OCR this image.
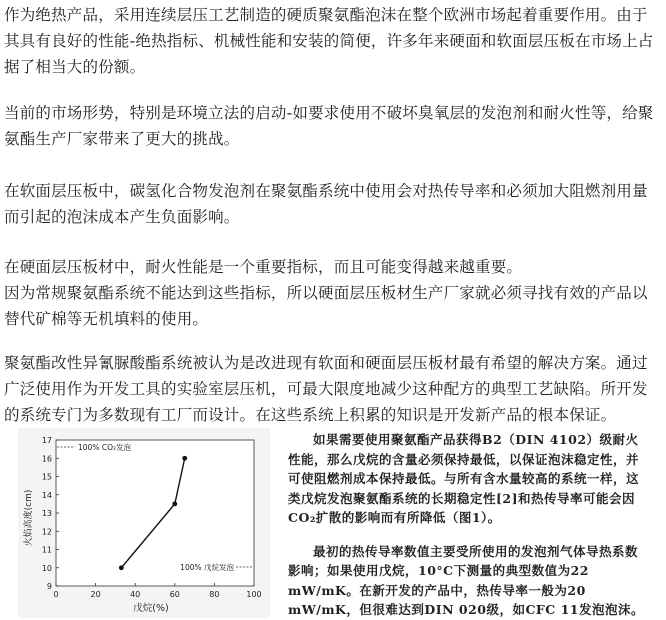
作为绝热产品，采用连续层压工艺制造的硬质聚氨酯泡沫在整个欧洲市场起着重要作用。由于其具有良好的性能-绝热指标、机械性能和安装的简便，许多年来硬面和软面层压板在市场上占据了相当大的份额。

当前的市场形势，特别是环境立法的启动-如要求使用不破坏臭氧层的发泡剂和耐火性等，给聚氨酯生产厂家带来了更大的挑战。

在软面层压板中，碳氢化合物发泡剂在聚氨酯系统中使用会对热传导率和必须加大阻燃剂用量而引起的泡沫成本产生负面影响。

在硬面层压板材中，耐火性能是一个重要指标，而且可能变得越来越重要。

因为常规聚氨酯系统不能达到这些指标，所以硬面层压板材生产厂家就必须寻找有效的产品以替代矿棉等无机填料的使用。

聚氨酯改性异氰脲酸酯系统被认为是改进现有软面和硬面层压板材最有希望的解决方案。通过广泛使用作为开发工具的实验室层压机，可最大限度地减少这种配方的典型工艺缺陷。所开发的系统专门为多数现有工厂而设计。在这些系统上积累的知识是开发新产品的根本保证。

9
10
11
12
13
14
15
16
17
0	20	40	60	80	100
100% CO₂发泡
100% 戊烷发泡
火焰高度(cm)
戊烷(%)

如果需要使用聚氨酯产品获得B2（DIN 4102）级耐火性能，那么戊烷的含量必须保持最低，以保证泡沫稳定性，并可使阻燃剂成本保持最低。与所有含水量较高的系统一样，这类戊烷发泡聚氨酯系统的长期稳定性[2]和热传导率可能会因CO₂扩散的影响而有所降低（图1）。

最初的热传导率数值主要受所使用的发泡剂气体导热系数影响；如果使用戊烷，10°C下测量的典型数值为22 mW/mK。在新开发的产品中，热传导率一般为20 mW/mK，但很难达到DIN 020级，如CFC 11发泡泡沫。
